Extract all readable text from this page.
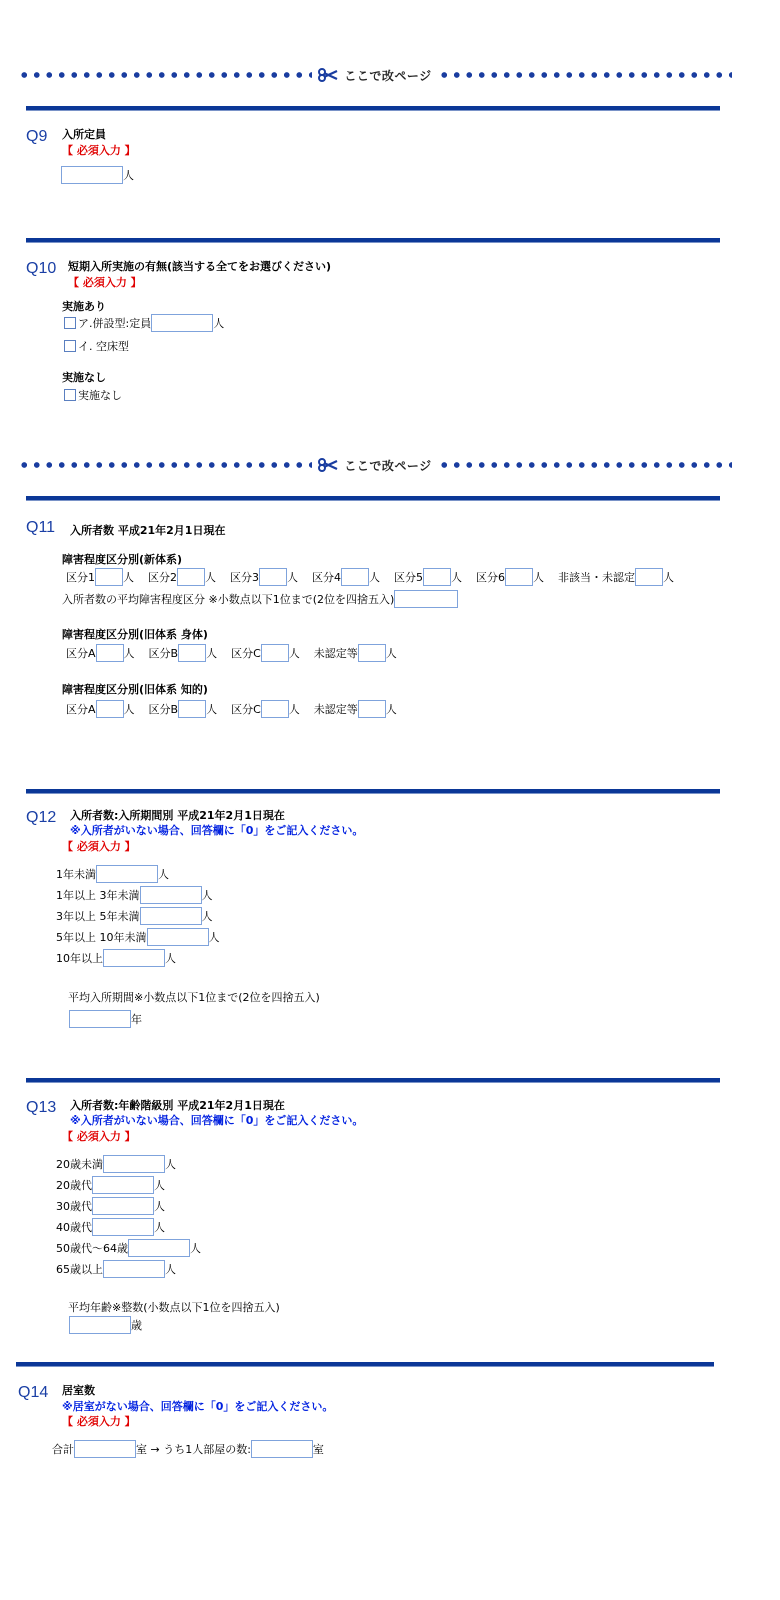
ここで改ページ
Q9 入所定員
【 必須入力 】
人
Q10 短期入所実施の有無(該当する全てをお選びください)
【 必須入力 】
実施あり
ア.併設型:定員	人
イ. 空床型
実施なし
実施なし
ここで改ページ
Q11 入所者数 平成21年2月1日現在
障害程度区分別(新体系)
区分1	人 区分2	人 区分3	人 区分4	人 区分5	人 区分6	人 非該当・未認定	人
入所者数の平均障害程度区分 ※小数点以下1位まで(2位を四捨五入)
障害程度区分別(旧体系 身体)
区分A	人 区分B	人 区分C	人 未認定等	人
障害程度区分別(旧体系 知的)
区分A	人 区分B	人 区分C	人 未認定等	人
Q12 入所者数:入所期間別 平成21年2月1日現在
※入所者がいない場合、回答欄に「0」をご記入ください。
【 必須入力 】
1年未満	人
1年以上 3年未満	人
3年以上 5年未満	人
5年以上 10年未満	人
10年以上	人
平均入所期間※小数点以下1位まで(2位を四捨五入)
年
Q13 入所者数:年齢階級別 平成21年2月1日現在
※入所者がいない場合、回答欄に「0」をご記入ください。
【 必須入力 】
20歳未満	人
20歳代	人
30歳代	人
40歳代	人
50歳代～64歳	人
65歳以上	人
平均年齢※整数(小数点以下1位を四捨五入)
歳
Q14 居室数
※居室がない場合、回答欄に「0」をご記入ください。
【 必須入力 】
合計	室 → うち1人部屋の数:	室
